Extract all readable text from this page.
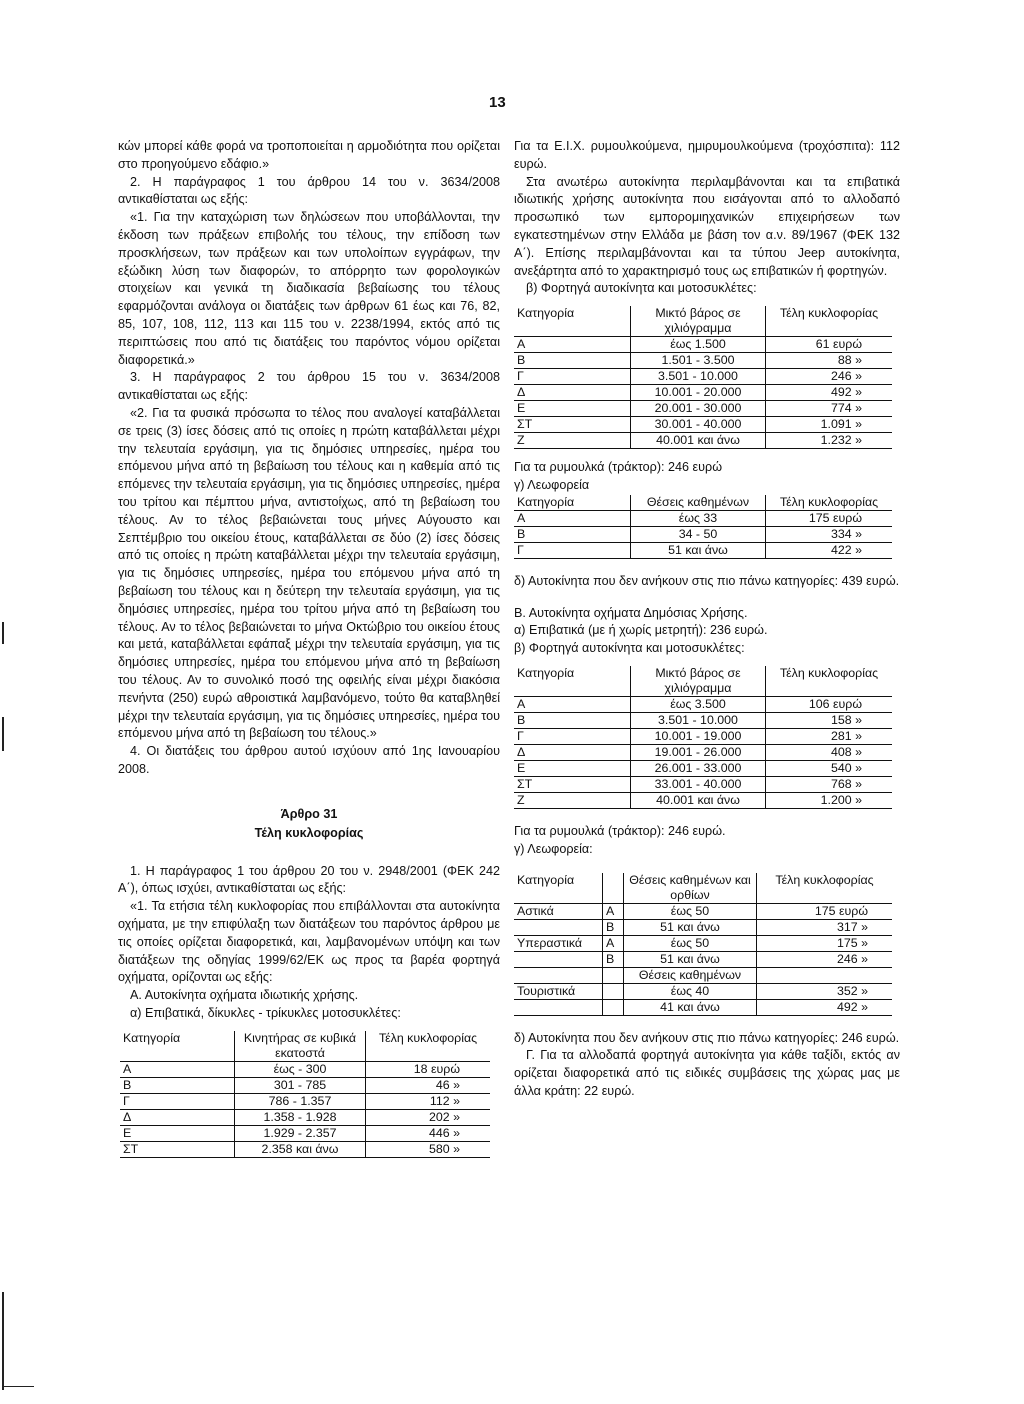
13

κών μπορεί κάθε φορά να τροποποιείται η αρμοδιότητα που ορίζεται στο προηγούμενο εδάφιο.»

2. Η παράγραφος 1 του άρθρου 14 του ν. 3634/2008 αντικαθίσταται ως εξής:

«1. Για την καταχώριση των δηλώσεων που υποβάλλονται, την έκδοση των πράξεων επιβολής του τέλους, την επίδοση των προσκλήσεων, των πράξεων και των υπολοίπων εγγράφων, την εξώδικη λύση των διαφορών, το απόρρητο των φορολογικών στοιχείων και γενικά τη διαδικασία βεβαίωσης του τέλους εφαρμόζονται ανάλογα οι διατάξεις των άρθρων 61 έως και 76, 82, 85, 107, 108, 112, 113 και 115 του ν. 2238/1994, εκτός από τις περιπτώσεις που από τις διατάξεις του παρόντος νόμου ορίζεται διαφορετικά.»

3. Η παράγραφος 2 του άρθρου 15 του ν. 3634/2008 αντικαθίσταται ως εξής:

«2. Για τα φυσικά πρόσωπα το τέλος που αναλογεί καταβάλλεται σε τρεις (3) ίσες δόσεις από τις οποίες η πρώτη καταβάλλεται μέχρι την τελευταία εργάσιμη, για τις δημόσιες υπηρεσίες, ημέρα του επόμενου μήνα από τη βεβαίωση του τέλους και η καθεμία από τις επόμενες την τελευταία εργάσιμη, για τις δημόσιες υπηρεσίες, ημέρα του τρίτου και πέμπτου μήνα, αντιστοίχως, από τη βεβαίωση του τέλους. Αν το τέλος βεβαιώνεται τους μήνες Αύγουστο και Σεπτέμβριο του οικείου έτους, καταβάλλεται σε δύο (2) ίσες δόσεις από τις οποίες η πρώτη καταβάλλεται μέχρι την τελευταία εργάσιμη, για τις δημόσιες υπηρεσίες, ημέρα του επόμενου μήνα από τη βεβαίωση του τέλους και η δεύτερη την τελευταία εργάσιμη, για τις δημόσιες υπηρεσίες, ημέρα του τρίτου μήνα από τη βεβαίωση του τέλους. Αν το τέλος βεβαιώνεται το μήνα Οκτώβριο του οικείου έτους και μετά, καταβάλλεται εφάπαξ μέχρι την τελευταία εργάσιμη, για τις δημόσιες υπηρεσίες, ημέρα του επόμενου μήνα από τη βεβαίωση του τέλους. Αν το συνολικό ποσό της οφειλής είναι μέχρι διακόσια πενήντα (250) ευρώ αθροιστικά λαμβανόμενο, τούτο θα καταβληθεί μέχρι την τελευταία εργάσιμη, για τις δημόσιες υπηρεσίες, ημέρα του επόμενου μήνα από τη βεβαίωση του τέλους.»

4. Οι διατάξεις του άρθρου αυτού ισχύουν από 1ης Ιανουαρίου 2008.

Άρθρο 31
Τέλη κυκλοφορίας

1. Η παράγραφος 1 του άρθρου 20 του ν. 2948/2001 (ΦΕΚ 242 Α΄), όπως ισχύει, αντικαθίσταται ως εξής:

«1. Τα ετήσια τέλη κυκλοφορίας που επιβάλλονται στα αυτοκίνητα οχήματα, με την επιφύλαξη των διατάξεων του παρόντος άρθρου με τις οποίες ορίζεται διαφορετικά, και, λαμβανομένων υπόψη και των διατάξεων της οδηγίας 1999/62/ΕΚ ως προς τα βαρέα φορτηγά οχήματα, ορίζονται ως εξής:

Α. Αυτοκίνητα οχήματα ιδιωτικής χρήσης.

α) Επιβατικά, δίκυκλες - τρίκυκλες μοτοσυκλέτες:

Κατηγορία	Κινητήρας σε κυβικά εκατοστά	Τέλη κυκλοφορίας
Α	έως - 300	18 ευρώ
Β	301 - 785	46 »
Γ	786 - 1.357	112 »
Δ	1.358 - 1.928	202 »
Ε	1.929 - 2.357	446 »
ΣΤ	2.358 και άνω	580 »

Για τα Ε.Ι.Χ. ρυμουλκούμενα, ημιρυμουλκούμενα (τροχόσπιτα): 112 ευρώ.

Στα ανωτέρω αυτοκίνητα περιλαμβάνονται και τα επιβατικά ιδιωτικής χρήσης αυτοκίνητα που εισάγονται από το αλλοδαπό προσωπικό των εμπορομιηχανικών επιχειρήσεων των εγκατεστημένων στην Ελλάδα με βάση τον α.ν. 89/1967 (ΦΕΚ 132 Α΄). Επίσης περιλαμβάνονται και τα τύπου Jeep αυτοκίνητα, ανεξάρτητα από το χαρακτηρισμό τους ως επιβατικών ή φορτηγών.

β) Φορτηγά αυτοκίνητα και μοτοσυκλέτες:

Κατηγορία	Μικτό βάρος σε χιλιόγραμμα	Τέλη κυκλοφορίας
Α	έως 1.500	61 ευρώ
Β	1.501 - 3.500	88 »
Γ	3.501 - 10.000	246 »
Δ	10.001 - 20.000	492 »
Ε	20.001 - 30.000	774 »
ΣΤ	30.001 - 40.000	1.091 »
Ζ	40.001 και άνω	1.232 »

Για τα ρυμουλκά (τράκτορ): 246 ευρώ

γ) Λεωφορεία

Κατηγορία	Θέσεις καθημένων	Τέλη κυκλοφορίας
Α	έως 33	175 ευρώ
Β	34 - 50	334 »
Γ	51 και άνω	422 »

δ) Αυτοκίνητα που δεν ανήκουν στις πιο πάνω κατηγορίες: 439 ευρώ.

Β. Αυτοκίνητα οχήματα Δημόσιας Χρήσης.

α) Επιβατικά (με ή χωρίς μετρητή): 236 ευρώ.

β) Φορτηγά αυτοκίνητα και μοτοσυκλέτες:

Κατηγορία	Μικτό βάρος σε χιλιόγραμμα	Τέλη κυκλοφορίας
Α	έως 3.500	106 ευρώ
Β	3.501 - 10.000	158 »
Γ	10.001 - 19.000	281 »
Δ	19.001 - 26.000	408 »
Ε	26.001 - 33.000	540 »
ΣΤ	33.001 - 40.000	768 »
Ζ	40.001 και άνω	1.200 »

Για τα ρυμουλκά (τράκτορ): 246 ευρώ.

γ) Λεωφορεία:

Κατηγορία		Θέσεις καθημένων και ορθίων	Τέλη κυκλοφορίας
Αστικά	Α	έως 50	175 ευρώ
	Β	51 και άνω	317 »
Υπεραστικά	Α	έως 50	175 »
	Β	51 και άνω	246 »
		Θέσεις καθημένων	
Τουριστικά		έως 40	352 »
		41 και άνω	492 »

δ) Αυτοκίνητα που δεν ανήκουν στις πιο πάνω κατηγορίες: 246 ευρώ.

Γ. Για τα αλλοδαπά φορτηγά αυτοκίνητα για κάθε ταξίδι, εκτός αν ορίζεται διαφορετικά από τις ειδικές συμβάσεις της χώρας μας με άλλα κράτη: 22 ευρώ.
